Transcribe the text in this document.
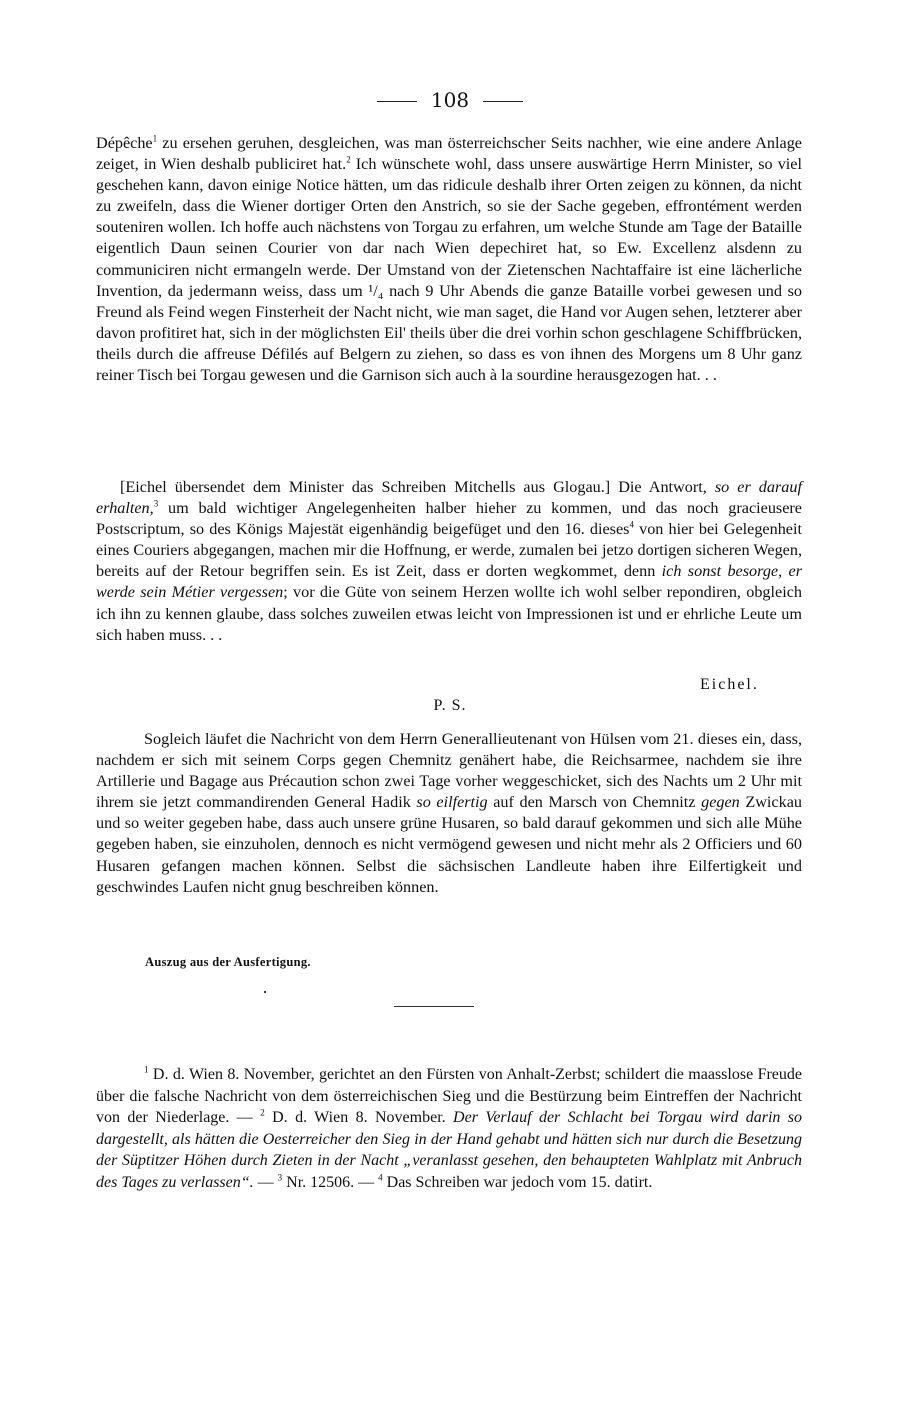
108
Dépêche$^1$ zu ersehen geruhen, desgleichen, was man österreichscher Seits nachher, wie eine andere Anlage zeiget, in Wien deshalb publiciret hat.$^2$ Ich wünschete wohl, dass unsere auswärtige Herrn Minister, so viel geschehen kann, davon einige Notice hätten, um das ridicule deshalb ihrer Orten zeigen zu können, da nicht zu zweifeln, dass die Wiener dortiger Orten den Anstrich, so sie der Sache gegeben, effrontément werden souteniren wollen. Ich hoffe auch nächstens von Torgau zu erfahren, um welche Stunde am Tage der Bataille eigentlich Daun seinen Courier von dar nach Wien depechiret hat, so Ew. Excellenz alsdenn zu communiciren nicht ermangeln werde. Der Umstand von der Zietenschen Nachtaffaire ist eine lächerliche Invention, da jedermann weiss, dass um ¹/₄ nach 9 Uhr Abends die ganze Bataille vorbei gewesen und so Freund als Feind wegen Finsterheit der Nacht nicht, wie man saget, die Hand vor Augen sehen, letzterer aber davon profitiret hat, sich in der möglichsten Eil' theils über die drei vorhin schon geschlagene Schiffbrücken, theils durch die affreuse Défilés auf Belgern zu ziehen, so dass es von ihnen des Morgens um 8 Uhr ganz reiner Tisch bei Torgau gewesen und die Garnison sich auch à la sourdine herausgezogen hat. . .
[Eichel übersendet dem Minister das Schreiben Mitchells aus Glogau.] Die Antwort, so er darauf erhalten,$^3$ um bald wichtiger Angelegenheiten halber hieher zu kommen, und das noch gracieusere Postscriptum, so des Königs Majestät eigenhändig beigefüget und den 16. dieses$^4$ von hier bei Gelegenheit eines Couriers abgegangen, machen mir die Hoffnung, er werde, zumalen bei jetzo dortigen sicheren Wegen, bereits auf der Retour begriffen sein. Es ist Zeit, dass er dorten wegkommet, denn ich sonst besorge, er werde sein Métier vergessen; vor die Güte von seinem Herzen wollte ich wohl selber repondiren, obgleich ich ihn zu kennen glaube, dass solches zuweilen etwas leicht von Impressionen ist und er ehrliche Leute um sich haben muss. . .
Eichel.
P. S.
Sogleich läufet die Nachricht von dem Herrn Generallieutenant von Hülsen vom 21. dieses ein, dass, nachdem er sich mit seinem Corps gegen Chemnitz genähert habe, die Reichsarmee, nachdem sie ihre Artillerie und Bagage aus Précaution schon zwei Tage vorher weggeschicket, sich des Nachts um 2 Uhr mit ihrem sie jetzt commandirenden General Hadik so eilfertig auf den Marsch von Chemnitz gegen Zwickau und so weiter gegeben habe, dass auch unsere grüne Husaren, so bald darauf gekommen und sich alle Mühe gegeben haben, sie einzuholen, dennoch es nicht vermögend gewesen und nicht mehr als 2 Officiers und 60 Husaren gefangen machen können. Selbst die sächsischen Landleute haben ihre Eilfertigkeit und geschwindes Laufen nicht gnug beschreiben können.
Auszug aus der Ausfertigung.
$^1$ D. d. Wien 8. November, gerichtet an den Fürsten von Anhalt-Zerbst; schildert die maasslose Freude über die falsche Nachricht von dem österreichischen Sieg und die Bestürzung beim Eintreffen der Nachricht von der Niederlage. — $^2$ D. d. Wien 8. November. Der Verlauf der Schlacht bei Torgau wird darin so dargestellt, als hätten die Oesterreicher den Sieg in der Hand gehabt und hätten sich nur durch die Besetzung der Süptitzer Höhen durch Zieten in der Nacht „veranlasst gesehen, den behaupteten Wahlplatz mit Anbruch des Tages zu verlassen“. — $^3$ Nr. 12506. — $^4$ Das Schreiben war jedoch vom 15. datirt.
